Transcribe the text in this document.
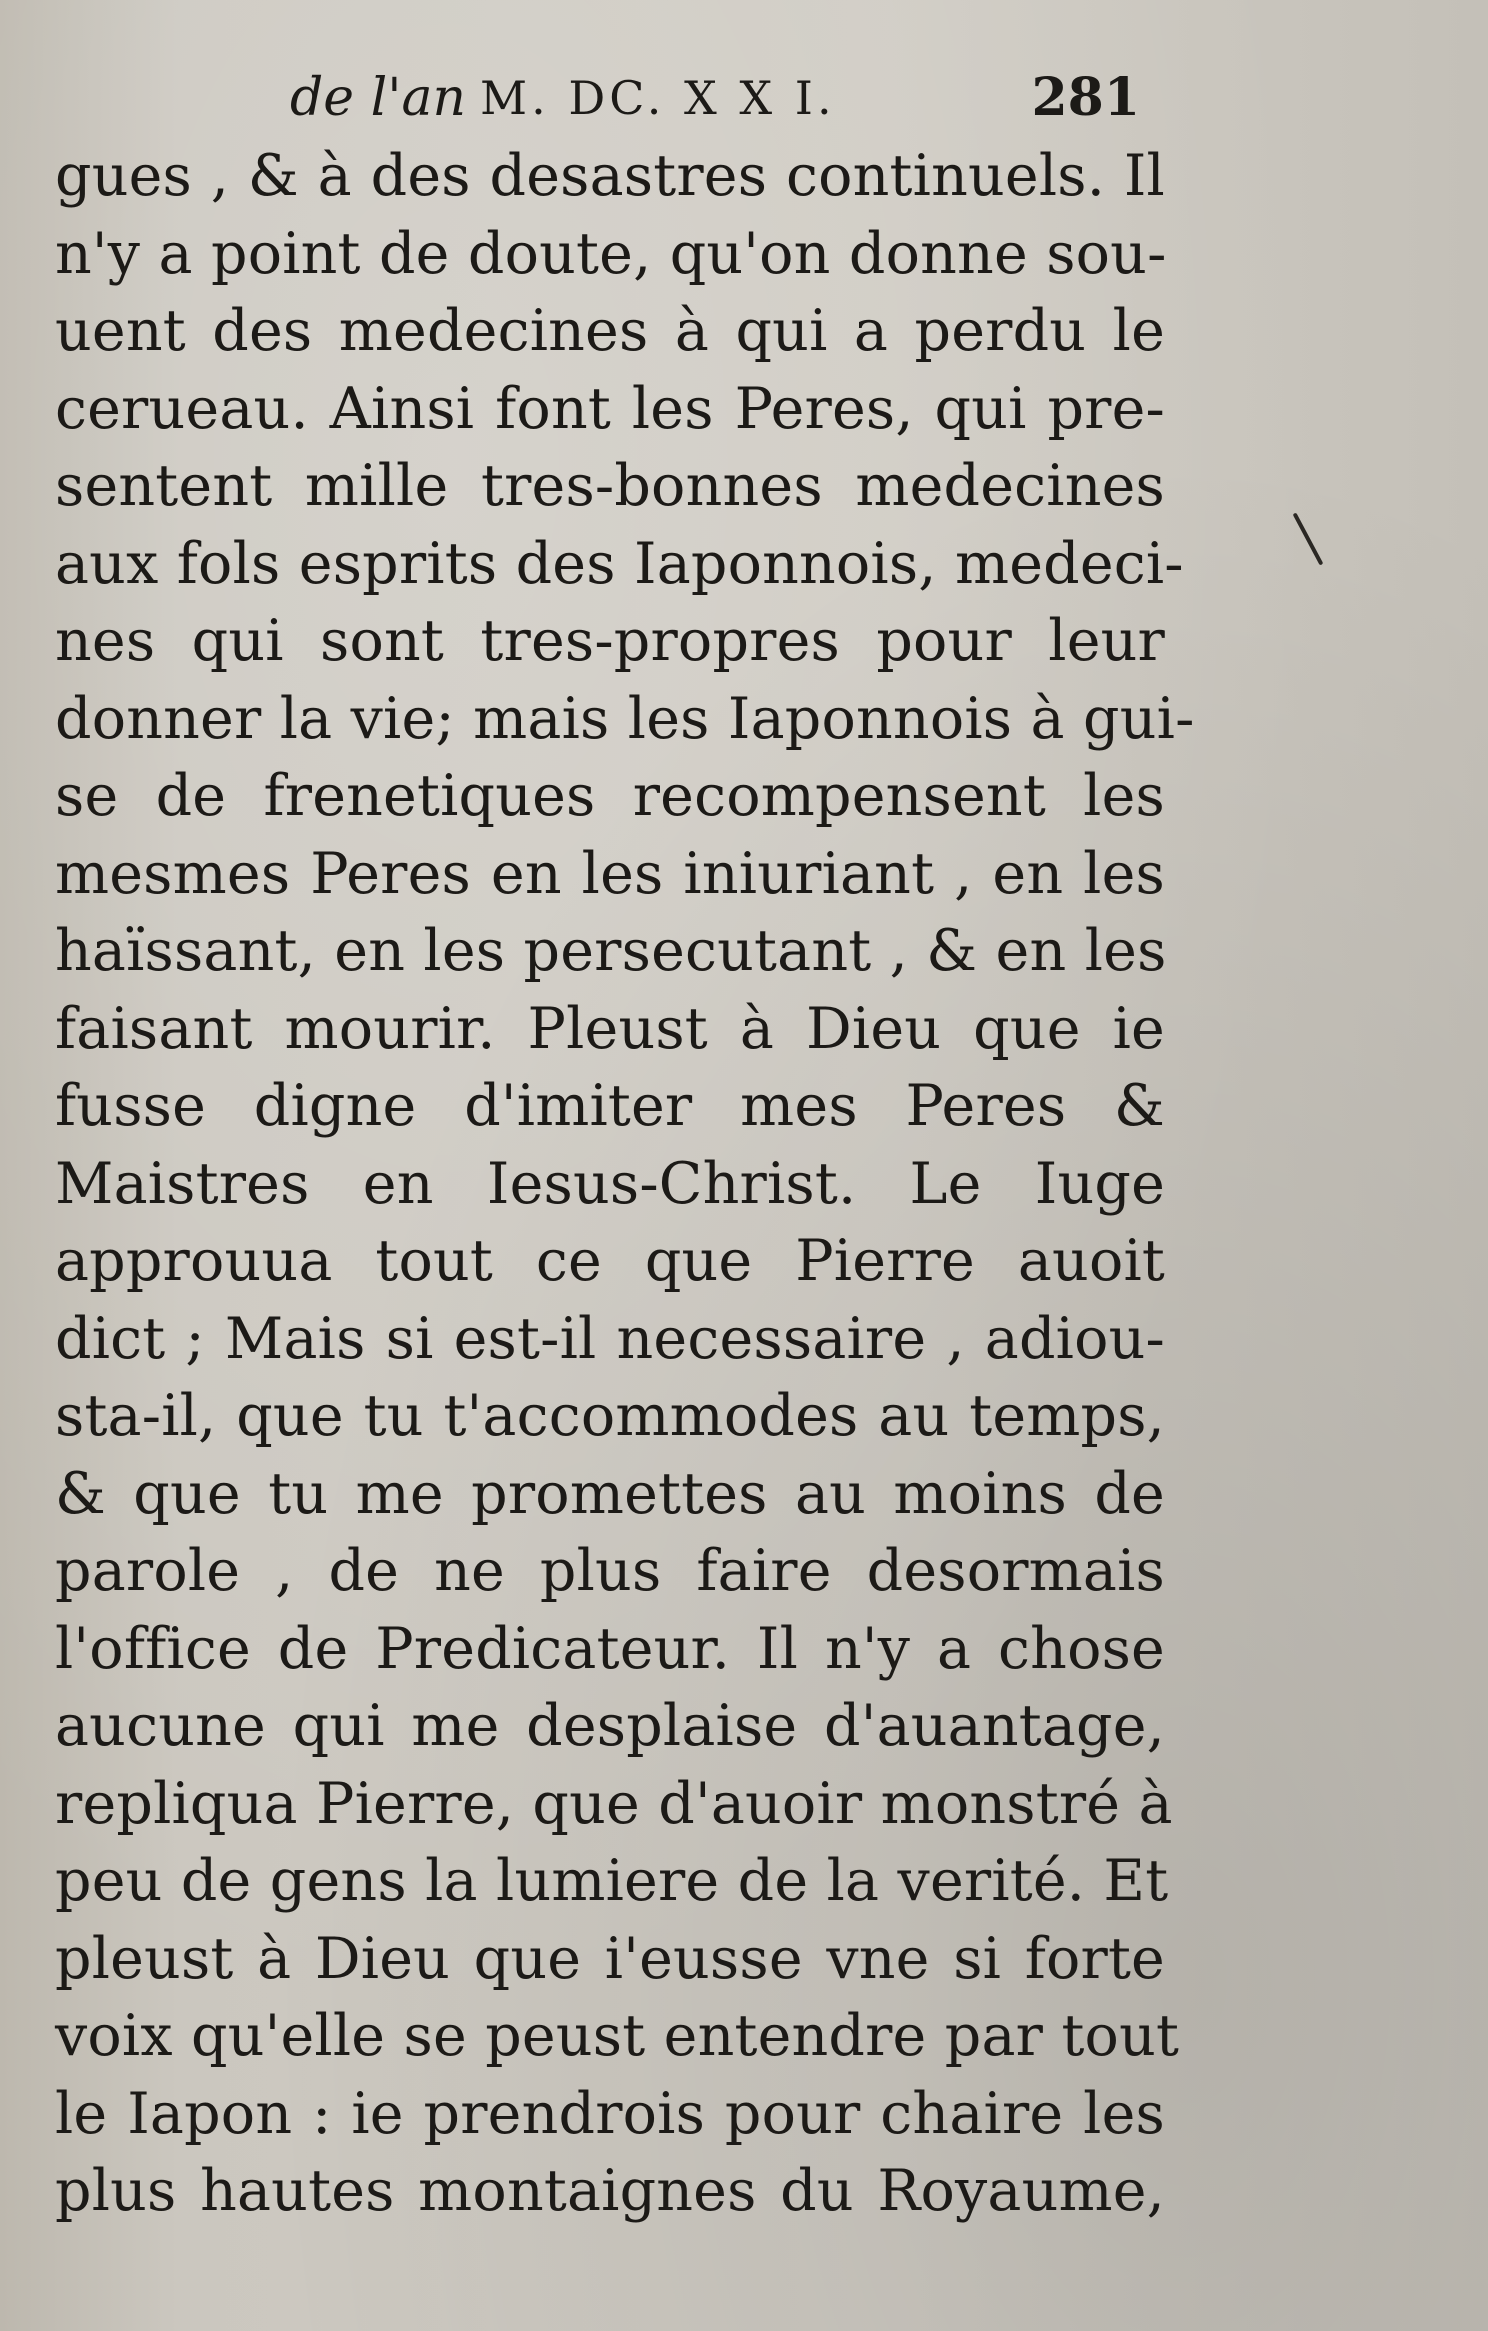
de l'an M. DC. X X I.	281
gues , & à des desastres continuels. Il
n'y a point de doute, qu'on donne sou-
uent des medecines à qui a perdu le
cerueau. Ainsi font les Peres, qui pre-
sentent mille tres-bonnes medecines
aux fols esprits des Iaponnois, medeci-
nes qui sont tres-propres pour leur
donner la vie; mais les Iaponnois à gui-
se de frenetiques recompensent les
mesmes Peres en les iniuriant , en les
haïssant, en les persecutant , & en les
faisant mourir. Pleust à Dieu que ie
fusse digne d'imiter mes Peres &
Maistres en Iesus-Christ. Le Iuge
approuua tout ce que Pierre auoit
dict ; Mais si est-il necessaire , adiou-
sta-il, que tu t'accommodes au temps,
& que tu me promettes au moins de
parole , de ne plus faire desormais
l'office de Predicateur. Il n'y a chose
aucune qui me desplaise d'auantage,
repliqua Pierre, que d'auoir monstré à
peu de gens la lumiere de la verité. Et
pleust à Dieu que i'eusse vne si forte
voix qu'elle se peust entendre par tout
le Iapon : ie prendrois pour chaire les
plus hautes montaignes du Royaume,
